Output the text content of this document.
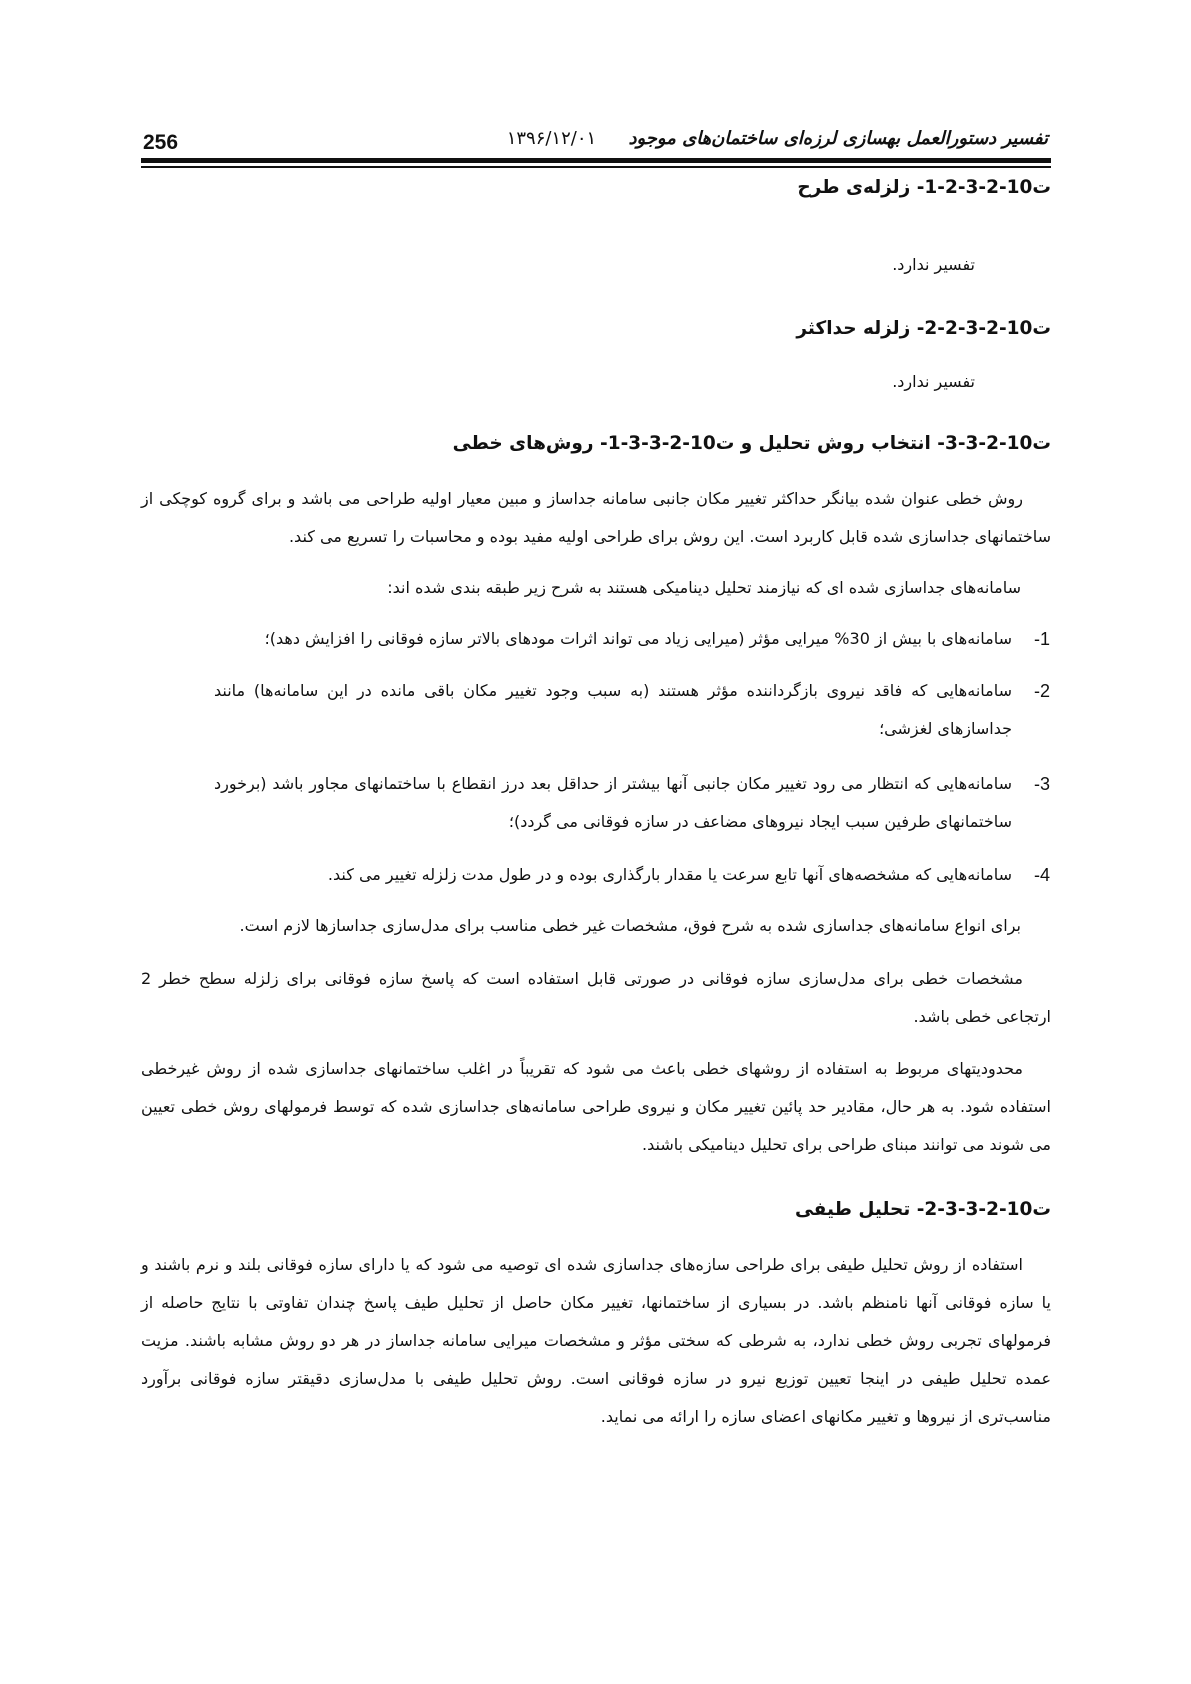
256	تفسیر دستورالعمل بهسازی لرزه‌ای ساختمان‌های موجود ۱۳۹۶/۱۲/۰۱
ت10-2-3-2-1- زلزله‌ی طرح
تفسیر ندارد.
ت10-2-3-2-2- زلزله حداکثر
تفسیر ندارد.
ت10-2-3-3- انتخاب روش تحلیل و ت10-2-3-3-1- روش‌های خطی
روش خطی عنوان شده بیانگر حداکثر تغییر مکان جانبی سامانه جداساز و مبین معیار اولیه طراحی می باشد و برای گروه کوچکی از ساختمانهای جداسازی شده قابل کاربرد است. این روش برای طراحی اولیه مفید بوده و محاسبات را تسریع می کند.
سامانه‌های جداسازی شده ای که نیازمند تحلیل دینامیکی هستند به شرح زیر طبقه بندی شده اند:
1-
سامانه‌های با بیش از 30% میرایی مؤثر (میرایی زیاد می تواند اثرات مودهای بالاتر سازه فوقانی را افزایش دهد)؛
2-
سامانه‌هایی که فاقد نیروی بازگرداننده مؤثر هستند (به سبب وجود تغییر مکان باقی مانده در این سامانه‌ها) مانند جداسازهای لغزشی؛
3-
سامانه‌هایی که انتظار می رود تغییر مکان جانبی آنها بیشتر از حداقل بعد درز انقطاع با ساختمانهای مجاور باشد (برخورد ساختمانهای طرفین سبب ایجاد نیروهای مضاعف در سازه فوقانی می گردد)؛
4-
سامانه‌هایی که مشخصه‌های آنها تابع سرعت یا مقدار بارگذاری بوده و در طول مدت زلزله تغییر می کند.
برای انواع سامانه‌های جداسازی شده به شرح فوق، مشخصات غیر خطی مناسب برای مدل‌سازی جداسازها لازم است.
مشخصات خطی برای مدل‌سازی سازه فوقانی در صورتی قابل استفاده است که پاسخ سازه فوقانی برای زلزله سطح خطر 2 ارتجاعی خطی باشد.
محدودیتهای مربوط به استفاده از روشهای خطی باعث می شود که تقریباً در اغلب ساختمانهای جداسازی شده از روش غیرخطی استفاده شود. به هر حال، مقادیر حد پائین تغییر مکان و نیروی طراحی سامانه‌های جداسازی شده که توسط فرمولهای روش خطی تعیین می شوند می توانند مبنای طراحی برای تحلیل دینامیکی باشند.
ت10-2-3-3-2- تحلیل طیفی
استفاده از روش تحلیل طیفی برای طراحی سازه‌های جداسازی شده ای توصیه می شود که یا دارای سازه فوقانی بلند و نرم باشند و یا سازه فوقانی آنها نامنظم باشد. در بسیاری از ساختمانها، تغییر مکان حاصل از تحلیل طیف پاسخ چندان تفاوتی با نتایج حاصله از فرمولهای تجربی روش خطی ندارد، به شرطی که سختی مؤثر و مشخصات میرایی سامانه جداساز در هر دو روش مشابه باشند. مزیت عمده تحلیل طیفی در اینجا تعیین توزیع نیرو در سازه فوقانی است. روش تحلیل طیفی با مدل‌سازی دقیقتر سازه فوقانی برآورد مناسب‌تری از نیروها و تغییر مکانهای اعضای سازه را ارائه می نماید.
